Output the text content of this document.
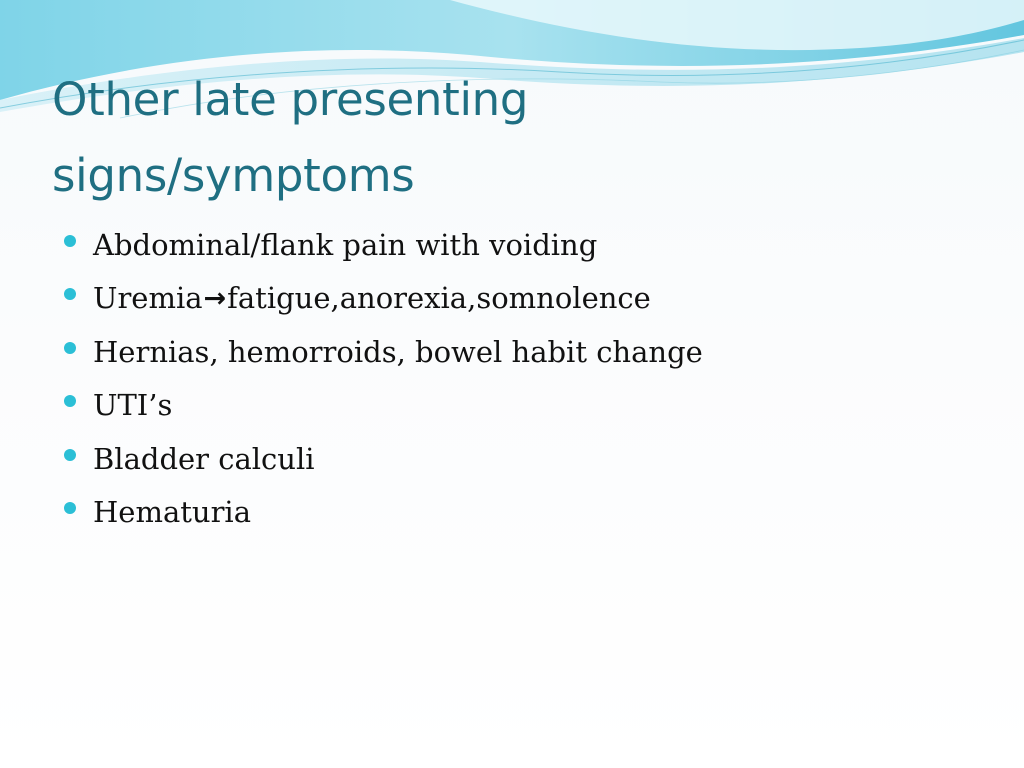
Other late presenting
signs/symptoms
Abdominal/flank pain with voiding
Uremia → fatigue,anorexia,somnolence
Hernias, hemorroids, bowel habit change
UTI’s
Bladder calculi
Hematuria
